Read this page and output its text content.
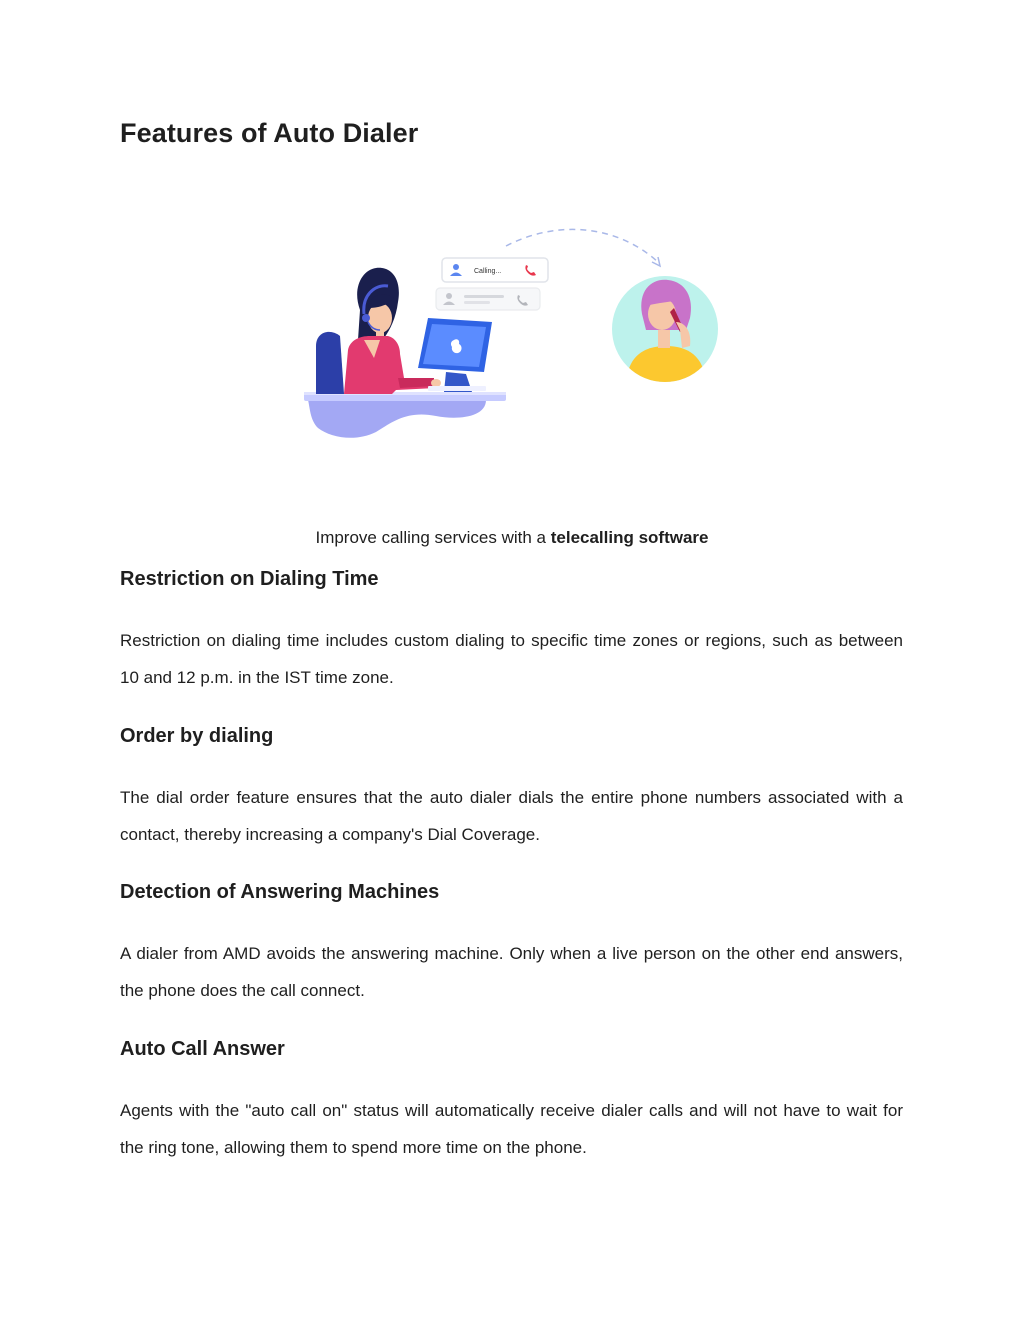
Features of Auto Dialer
Calling...

Improve calling services with a telecalling software

Restriction on Dialing Time

Restriction on dialing time includes custom dialing to specific time zones or regions, such as between 10 and 12 p.m. in the IST time zone.

Order by dialing

The dial order feature ensures that the auto dialer dials the entire phone numbers associated with a contact, thereby increasing a company's Dial Coverage.

Detection of Answering Machines

A dialer from AMD avoids the answering machine. Only when a live person on the other end answers, the phone does the call connect.

Auto Call Answer

Agents with the "auto call on" status will automatically receive dialer calls and will not have to wait for the ring tone, allowing them to spend more time on the phone.
